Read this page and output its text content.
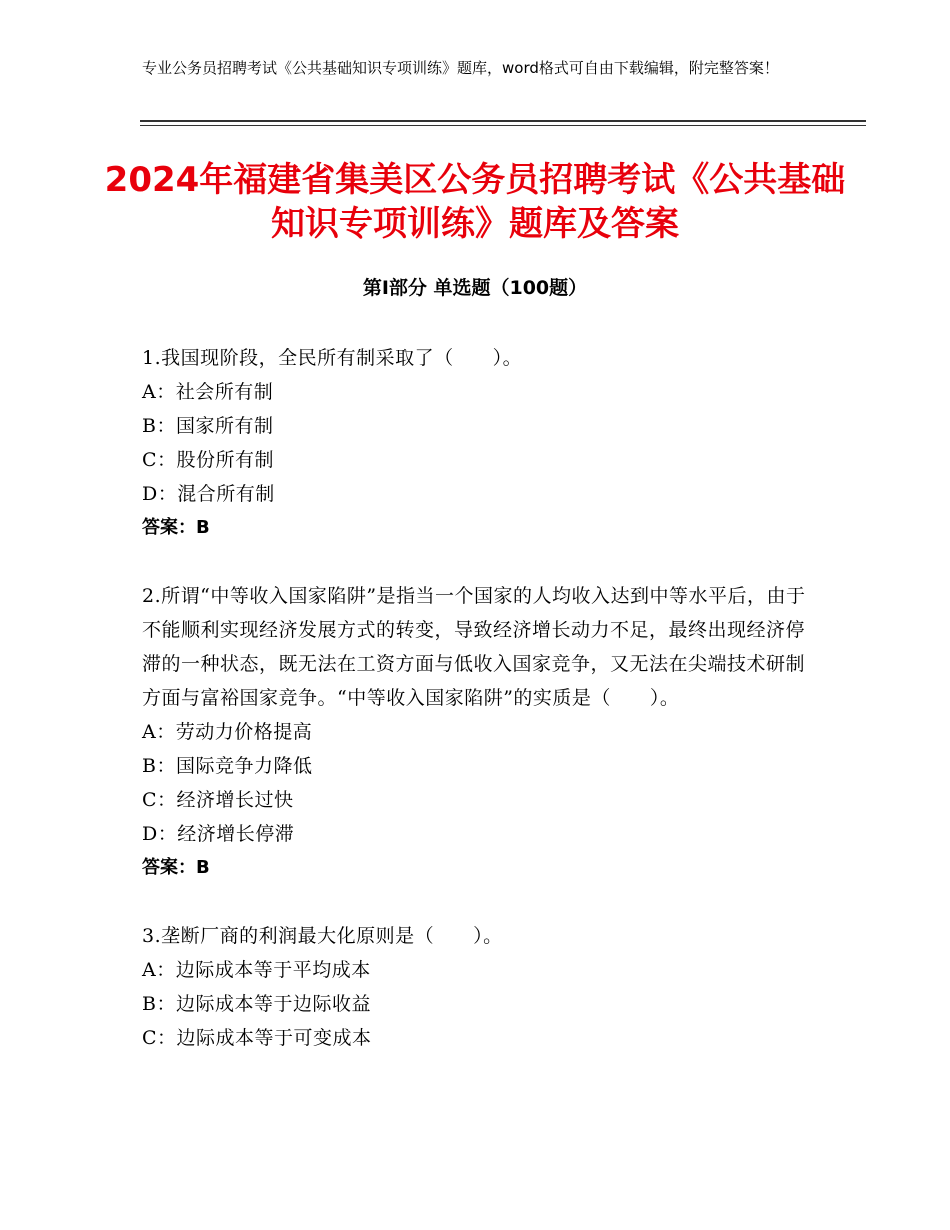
专业公务员招聘考试《公共基础知识专项训练》题库，word格式可自由下载编辑，附完整答案！
2024年福建省集美区公务员招聘考试《公共基础知识专项训练》题库及答案
第Ⅰ部分 单选题（100题）

1.我国现阶段，全民所有制采取了（　　）。

A：社会所有制

B：国家所有制

C：股份所有制

D：混合所有制

答案：B

2.所谓“中等收入国家陷阱”是指当一个国家的人均收入达到中等水平后，由于不能顺利实现经济发展方式的转变，导致经济增长动力不足，最终出现经济停滞的一种状态，既无法在工资方面与低收入国家竞争，又无法在尖端技术研制方面与富裕国家竞争。“中等收入国家陷阱”的实质是（　　）。

A：劳动力价格提高

B：国际竞争力降低

C：经济增长过快

D：经济增长停滞

答案：B

3.垄断厂商的利润最大化原则是（　　）。

A：边际成本等于平均成本

B：边际成本等于边际收益

C：边际成本等于可变成本
